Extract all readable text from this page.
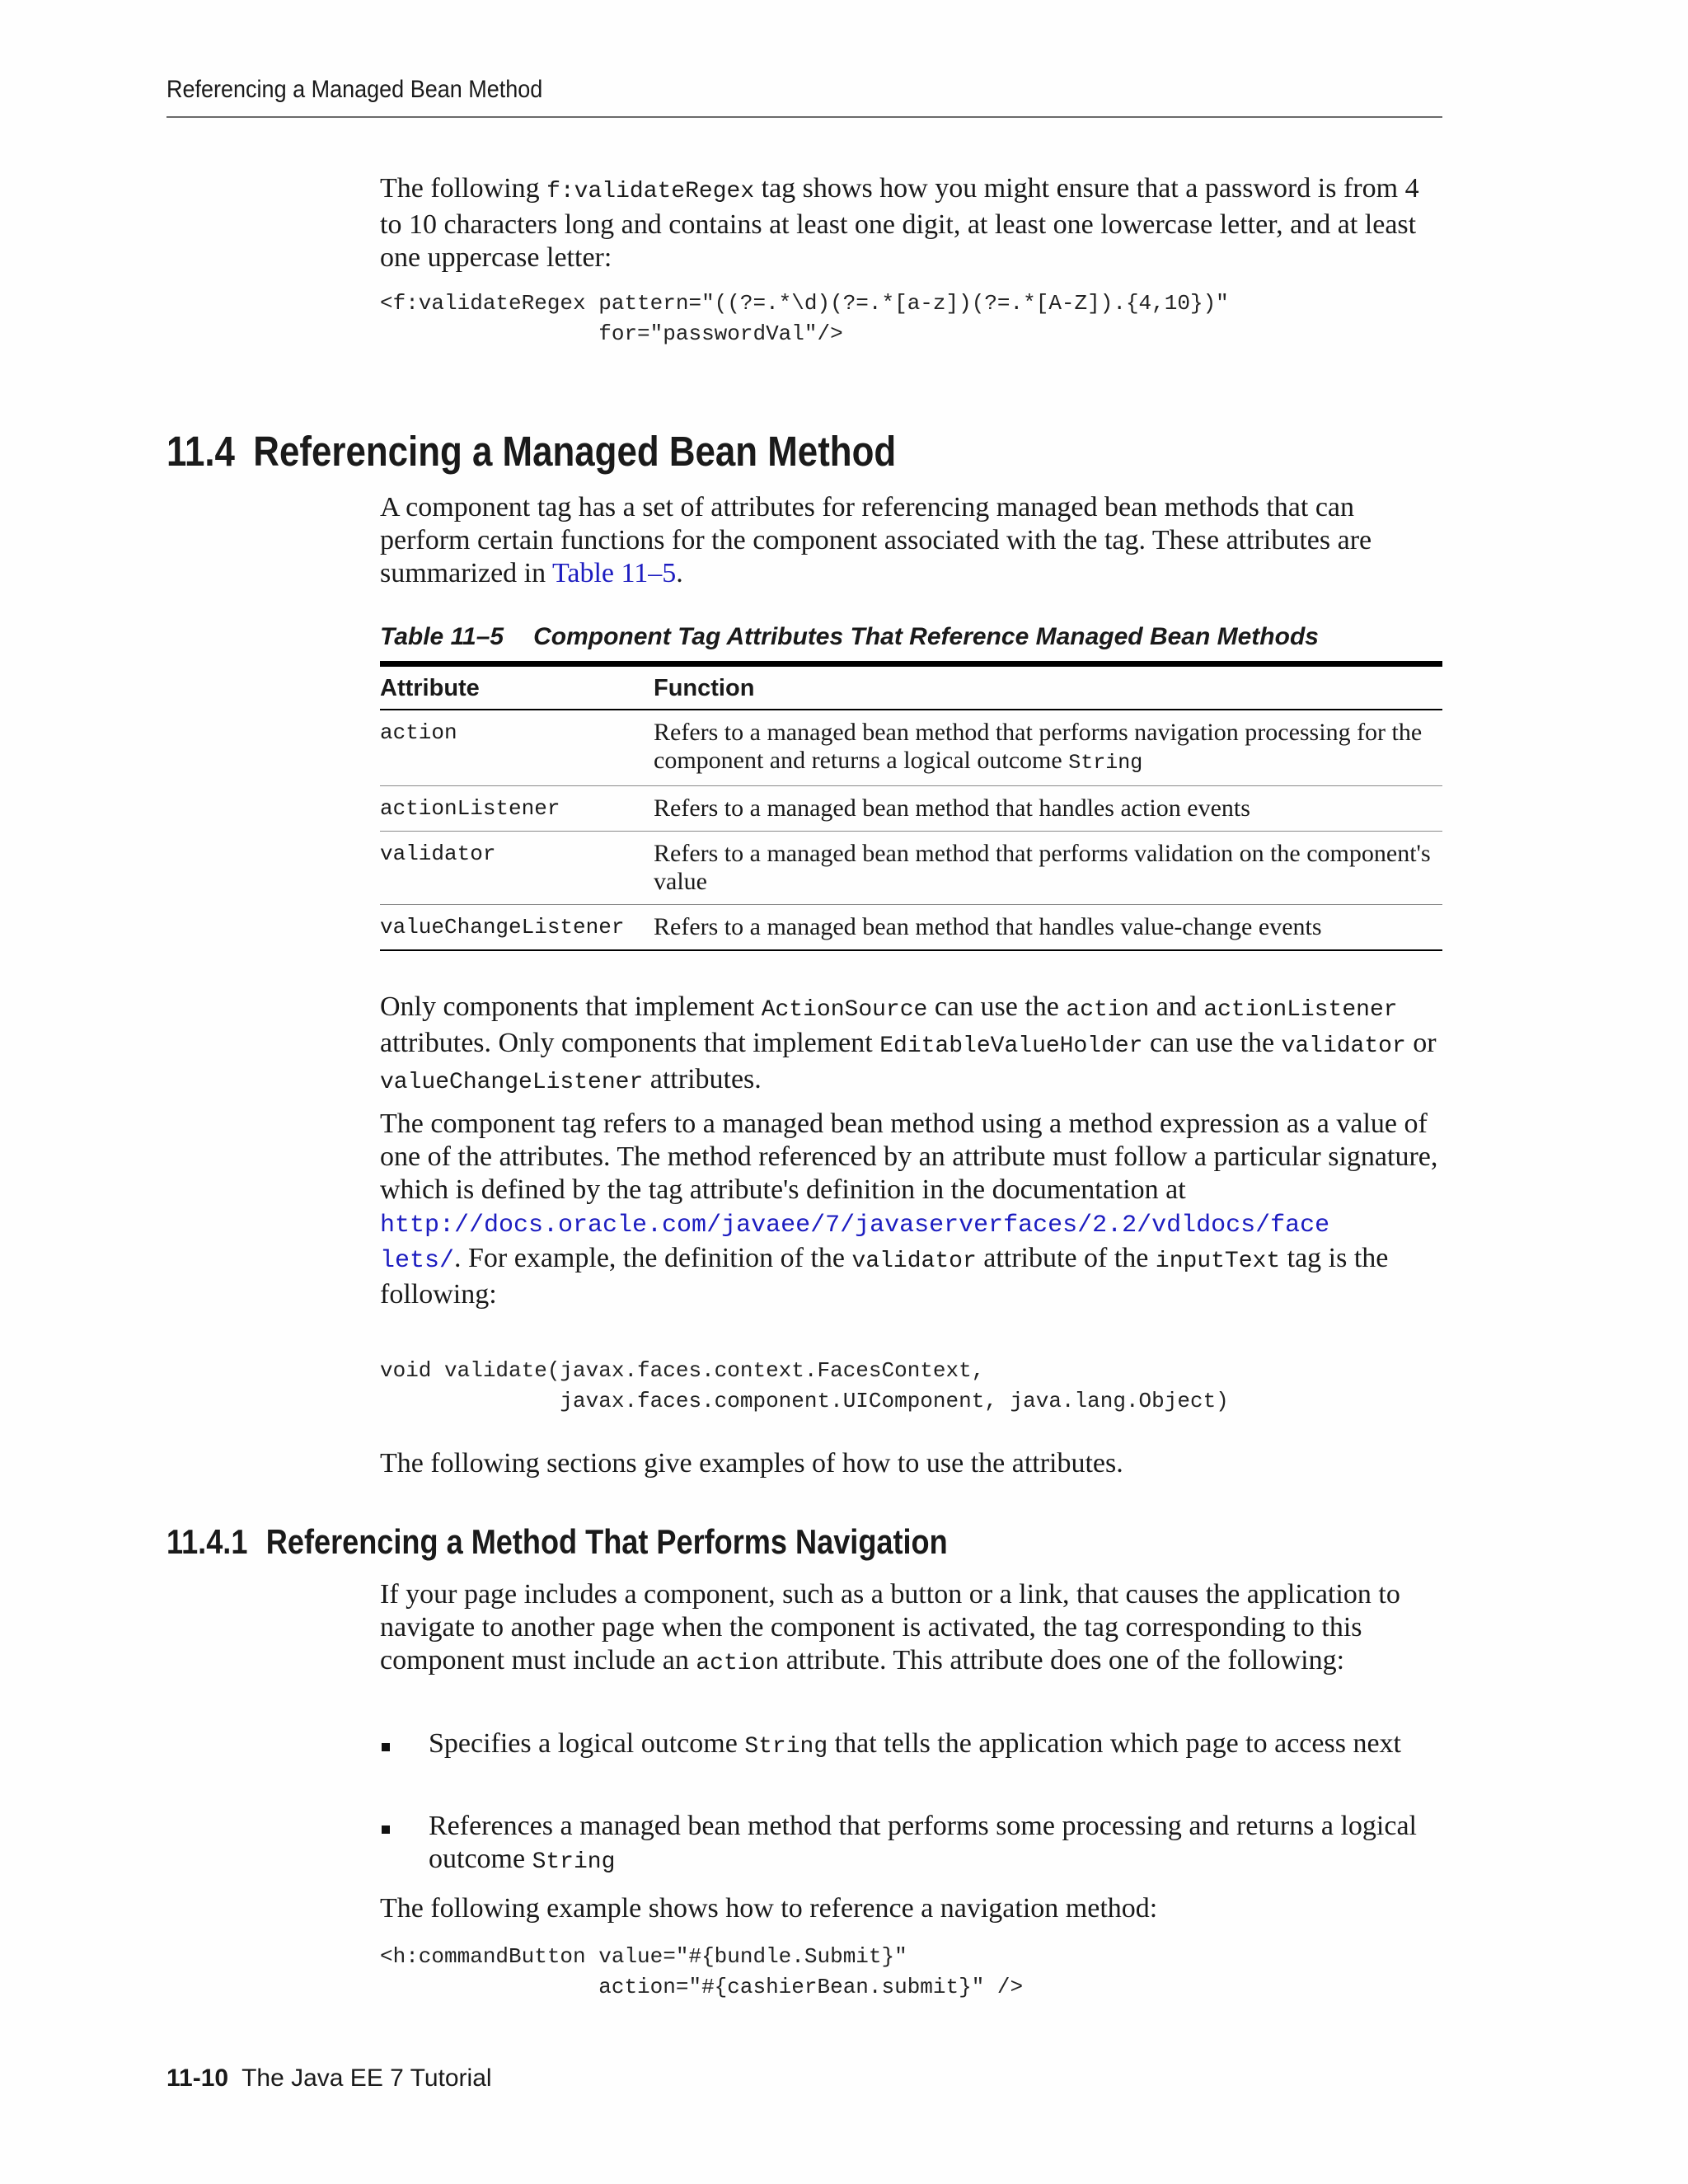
Referencing a Managed Bean Method

The following f:validateRegex tag shows how you might ensure that a password is from 4 to 10 characters long and contains at least one digit, at least one lowercase letter, and at least one uppercase letter:

<f:validateRegex pattern="((?=.*\d)(?=.*[a-z])(?=.*[A-Z]).{4,10})"
for="passwordVal"/>
11.4 Referencing a Managed Bean Method

A component tag has a set of attributes for referencing managed bean methods that can perform certain functions for the component associated with the tag. These attributes are summarized in Table 11–5.

Table 11–5 Component Tag Attributes That Reference Managed Bean Methods

Attribute	Function
action	Refers to a managed bean method that performs navigation processing for the component and returns a logical outcome String
actionListener	Refers to a managed bean method that handles action events
validator	Refers to a managed bean method that performs validation on the component's value
valueChangeListener	Refers to a managed bean method that handles value-change events

Only components that implement ActionSource can use the action and actionListener attributes. Only components that implement EditableValueHolder can use the validator or valueChangeListener attributes.

The component tag refers to a managed bean method using a method expression as a value of one of the attributes. The method referenced by an attribute must follow a particular signature, which is defined by the tag attribute's definition in the documentation at
http://docs.oracle.com/javaee/7/javaserverfaces/2.2/vdldocs/face
lets/. For example, the definition of the validator attribute of the inputText tag is the following:

void validate(javax.faces.context.FacesContext,
javax.faces.component.UIComponent, java.lang.Object)

The following sections give examples of how to use the attributes.

11.4.1 Referencing a Method That Performs Navigation

If your page includes a component, such as a button or a link, that causes the application to navigate to another page when the component is activated, the tag corresponding to this component must include an action attribute. This attribute does one of the following:

Specifies a logical outcome String that tells the application which page to access next
References a managed bean method that performs some processing and returns a logical outcome String

The following example shows how to reference a navigation method:

<h:commandButton value="#{bundle.Submit}"
action="#{cashierBean.submit}" />
11-10 The Java EE 7 Tutorial
